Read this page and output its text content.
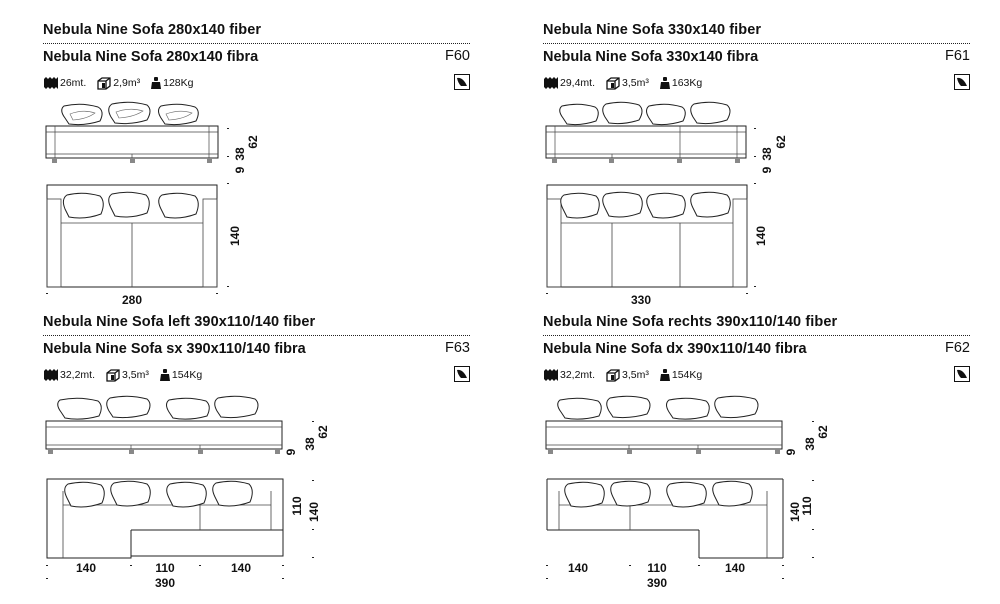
Nebula Nine Sofa 280x140 fiber
Nebula Nine Sofa 280x140 fibra	F60
26mt.	2,9m³ 128Kg
280
140
38
62
9
Nebula Nine Sofa 330x140 fiber
Nebula Nine Sofa 330x140 fibra	F61
29,4mt.	3,5m³ 163Kg
330
140
38
62
9
Nebula Nine Sofa left 390x110/140 fiber
Nebula Nine Sofa sx 390x110/140 fibra	F63
32,2mt.	3,5m³ 154Kg
140	110	140
390
110 140
38
62
9
Nebula Nine Sofa rechts 390x110/140 fiber
Nebula Nine Sofa dx 390x110/140 fibra	F62
32,2mt.	3,5m³ 154Kg
140	110	140
390
140
110
38
62
9
